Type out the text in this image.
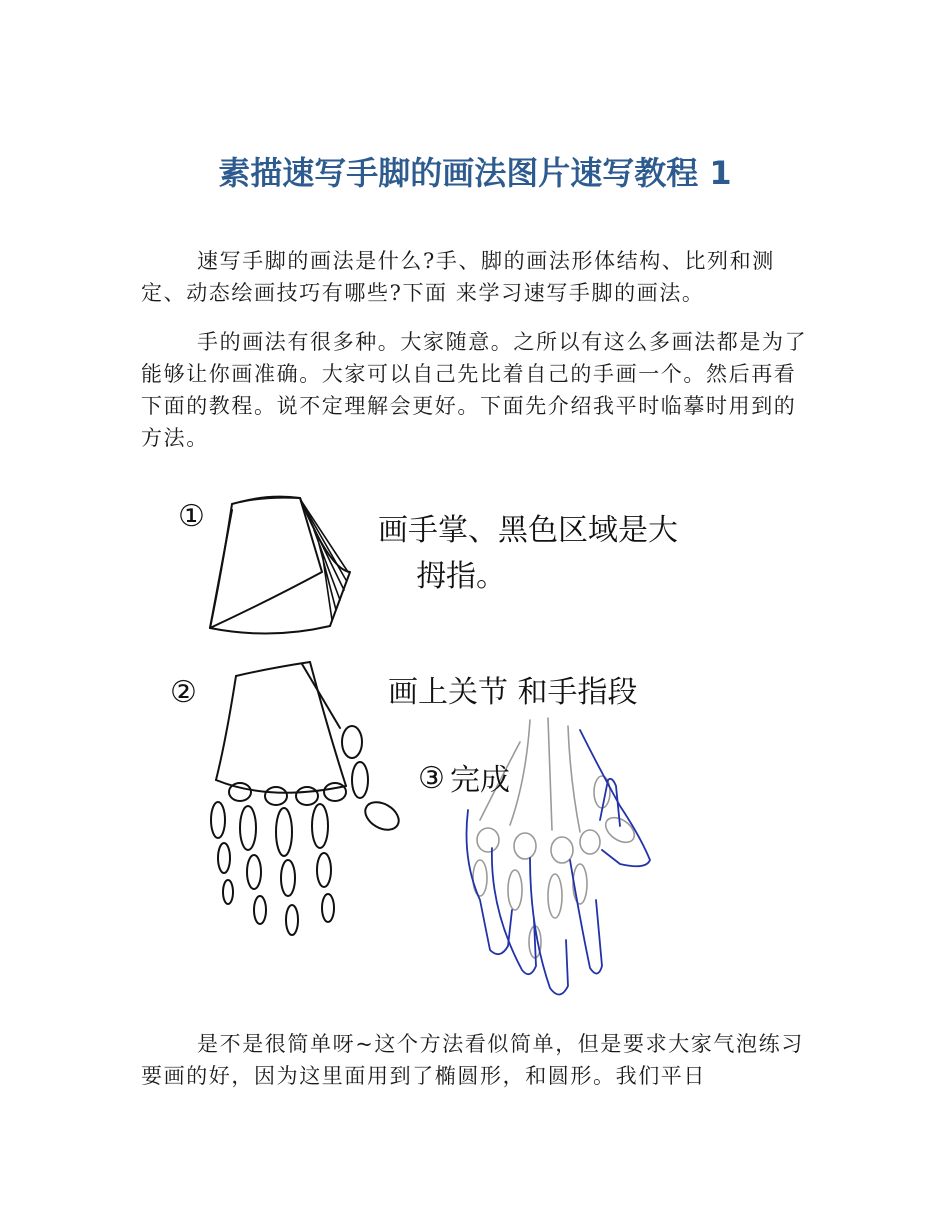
素描速写手脚的画法图片速写教程 1

速写手脚的画法是什么?手、脚的画法形体结构、比列和测定、动态绘画技巧有哪些?下面 来学习速写手脚的画法。

手的画法有很多种。大家随意。之所以有这么多画法都是为了能够让你画准确。大家可以自己先比着自己的手画一个。然后再看下面的教程。说不定理解会更好。下面先介绍我平时临摹时用到的方法。

①
②
③
画手掌、黑色区域是大
拇指。
画上关节 和手指段
完成

是不是很简单呀~这个方法看似简单，但是要求大家气泡练习要画的好，因为这里面用到了椭圆形，和圆形。我们平日
